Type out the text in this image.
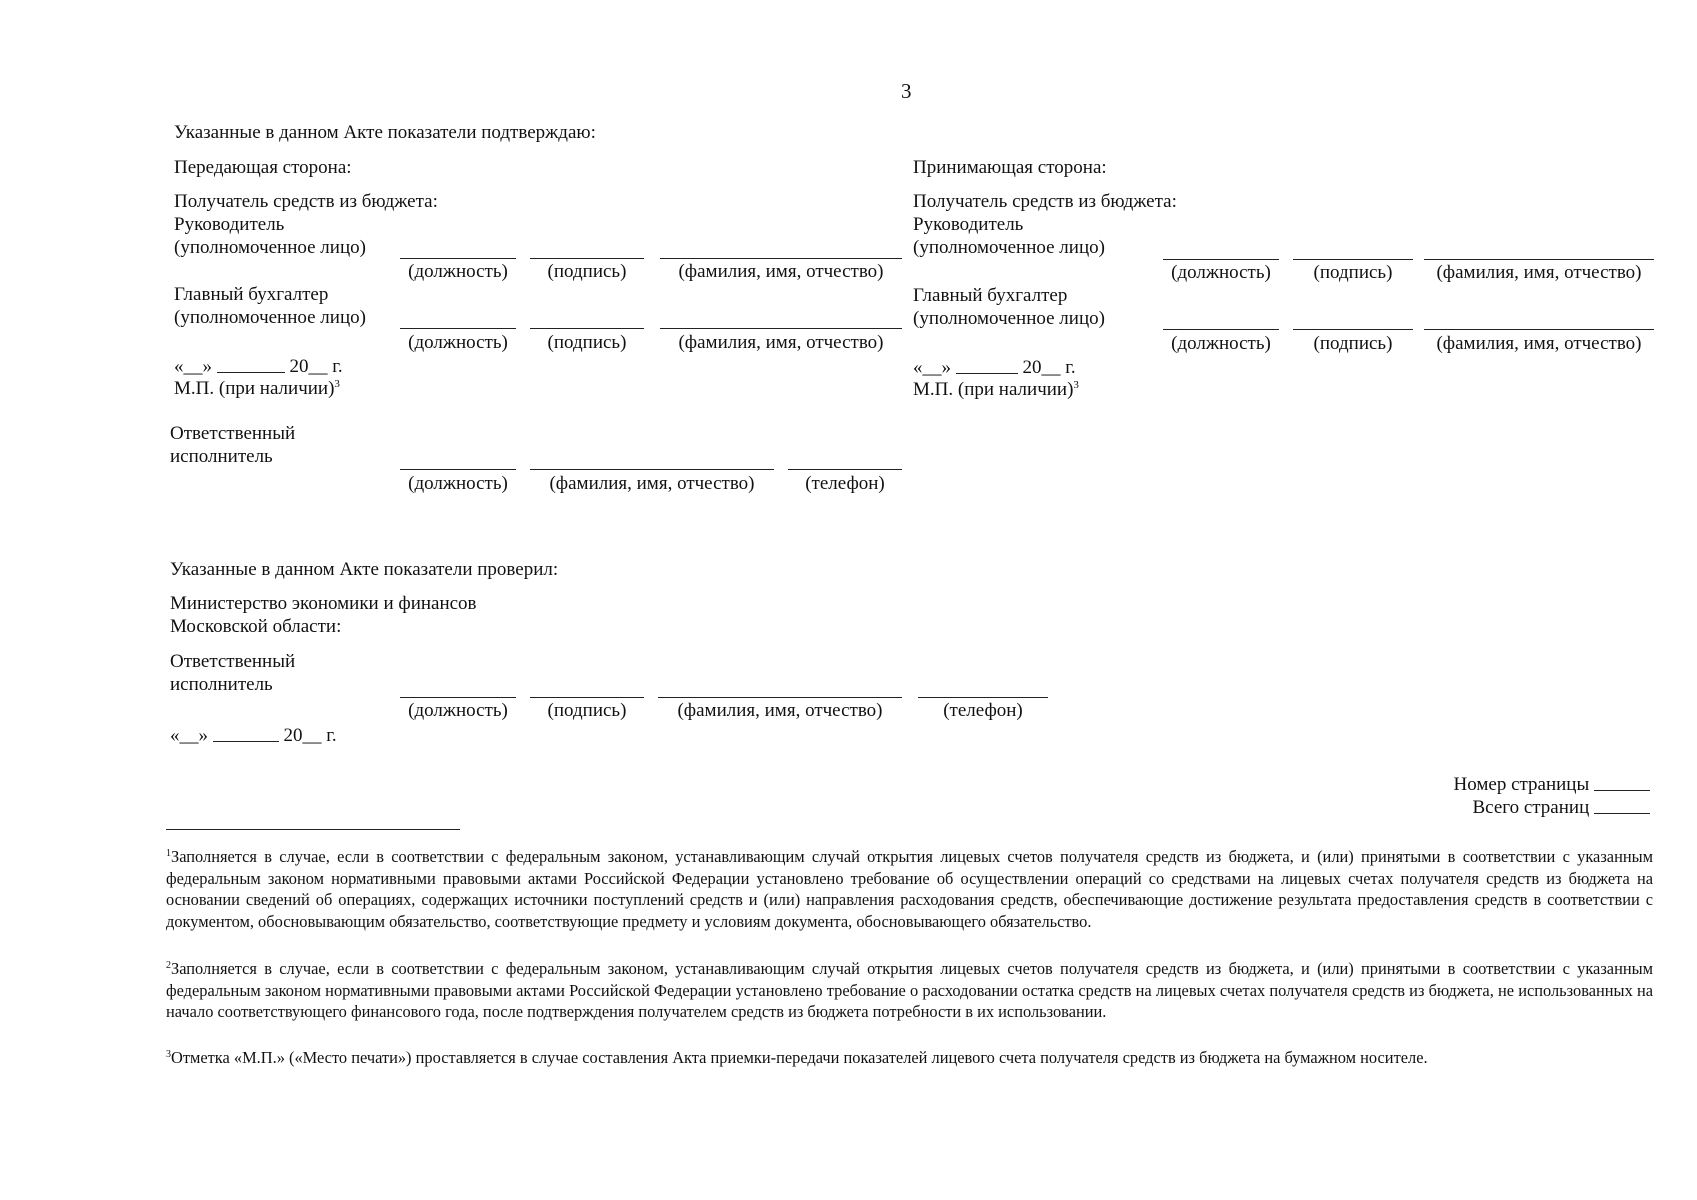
3
Указанные в данном Акте показатели подтверждаю:
Передающая сторона:
Получатель средств из бюджета:
Руководитель
(уполномоченное лицо)
(должность)	(подпись)	(фамилия, имя, отчество)
Главный бухгалтер
(уполномоченное лицо)
(должность)	(подпись)	(фамилия, имя, отчество)
«__»	20__ г.
М.П. (при наличии)$^3$
Принимающая сторона:
Получатель средств из бюджета:
Руководитель
(уполномоченное лицо)
(должность)	(подпись)	(фамилия, имя, отчество)
Главный бухгалтер
(уполномоченное лицо)
(должность)	(подпись)	(фамилия, имя, отчество)
«__»	20__ г.
М.П. (при наличии)$^3$
Ответственный
исполнитель
(должность)	(фамилия, имя, отчество)	(телефон)
Указанные в данном Акте показатели проверил:
Министерство экономики и финансов
Московской области:
Ответственный
исполнитель
(должность)	(подпись)	(фамилия, имя, отчество)	(телефон)
«__»	20__ г.
Номер страницы
Всего страниц
$^1$Заполняется в случае, если в соответствии с федеральным законом, устанавливающим случай открытия лицевых счетов получателя средств из бюджета, и (или) принятыми в соответствии с указанным федеральным законом нормативными правовыми актами Российской Федерации установлено требование об осуществлении операций со средствами на лицевых счетах получателя средств из бюджета на основании сведений об операциях, содержащих источники поступлений средств и (или) направления расходования средств, обеспечивающие достижение результата предоставления средств в соответствии с документом, обосновывающим обязательство, соответствующие предмету и условиям документа, обосновывающего обязательство.
$^2$Заполняется в случае, если в соответствии с федеральным законом, устанавливающим случай открытия лицевых счетов получателя средств из бюджета, и (или) принятыми в соответствии с указанным федеральным законом нормативными правовыми актами Российской Федерации установлено требование о расходовании остатка средств на лицевых счетах получателя средств из бюджета, не использованных на начало соответствующего финансового года, после подтверждения получателем средств из бюджета потребности в их использовании.
$^3$Отметка «М.П.» («Место печати») проставляется в случае составления Акта приемки-передачи показателей лицевого счета получателя средств из бюджета на бумажном носителе.
